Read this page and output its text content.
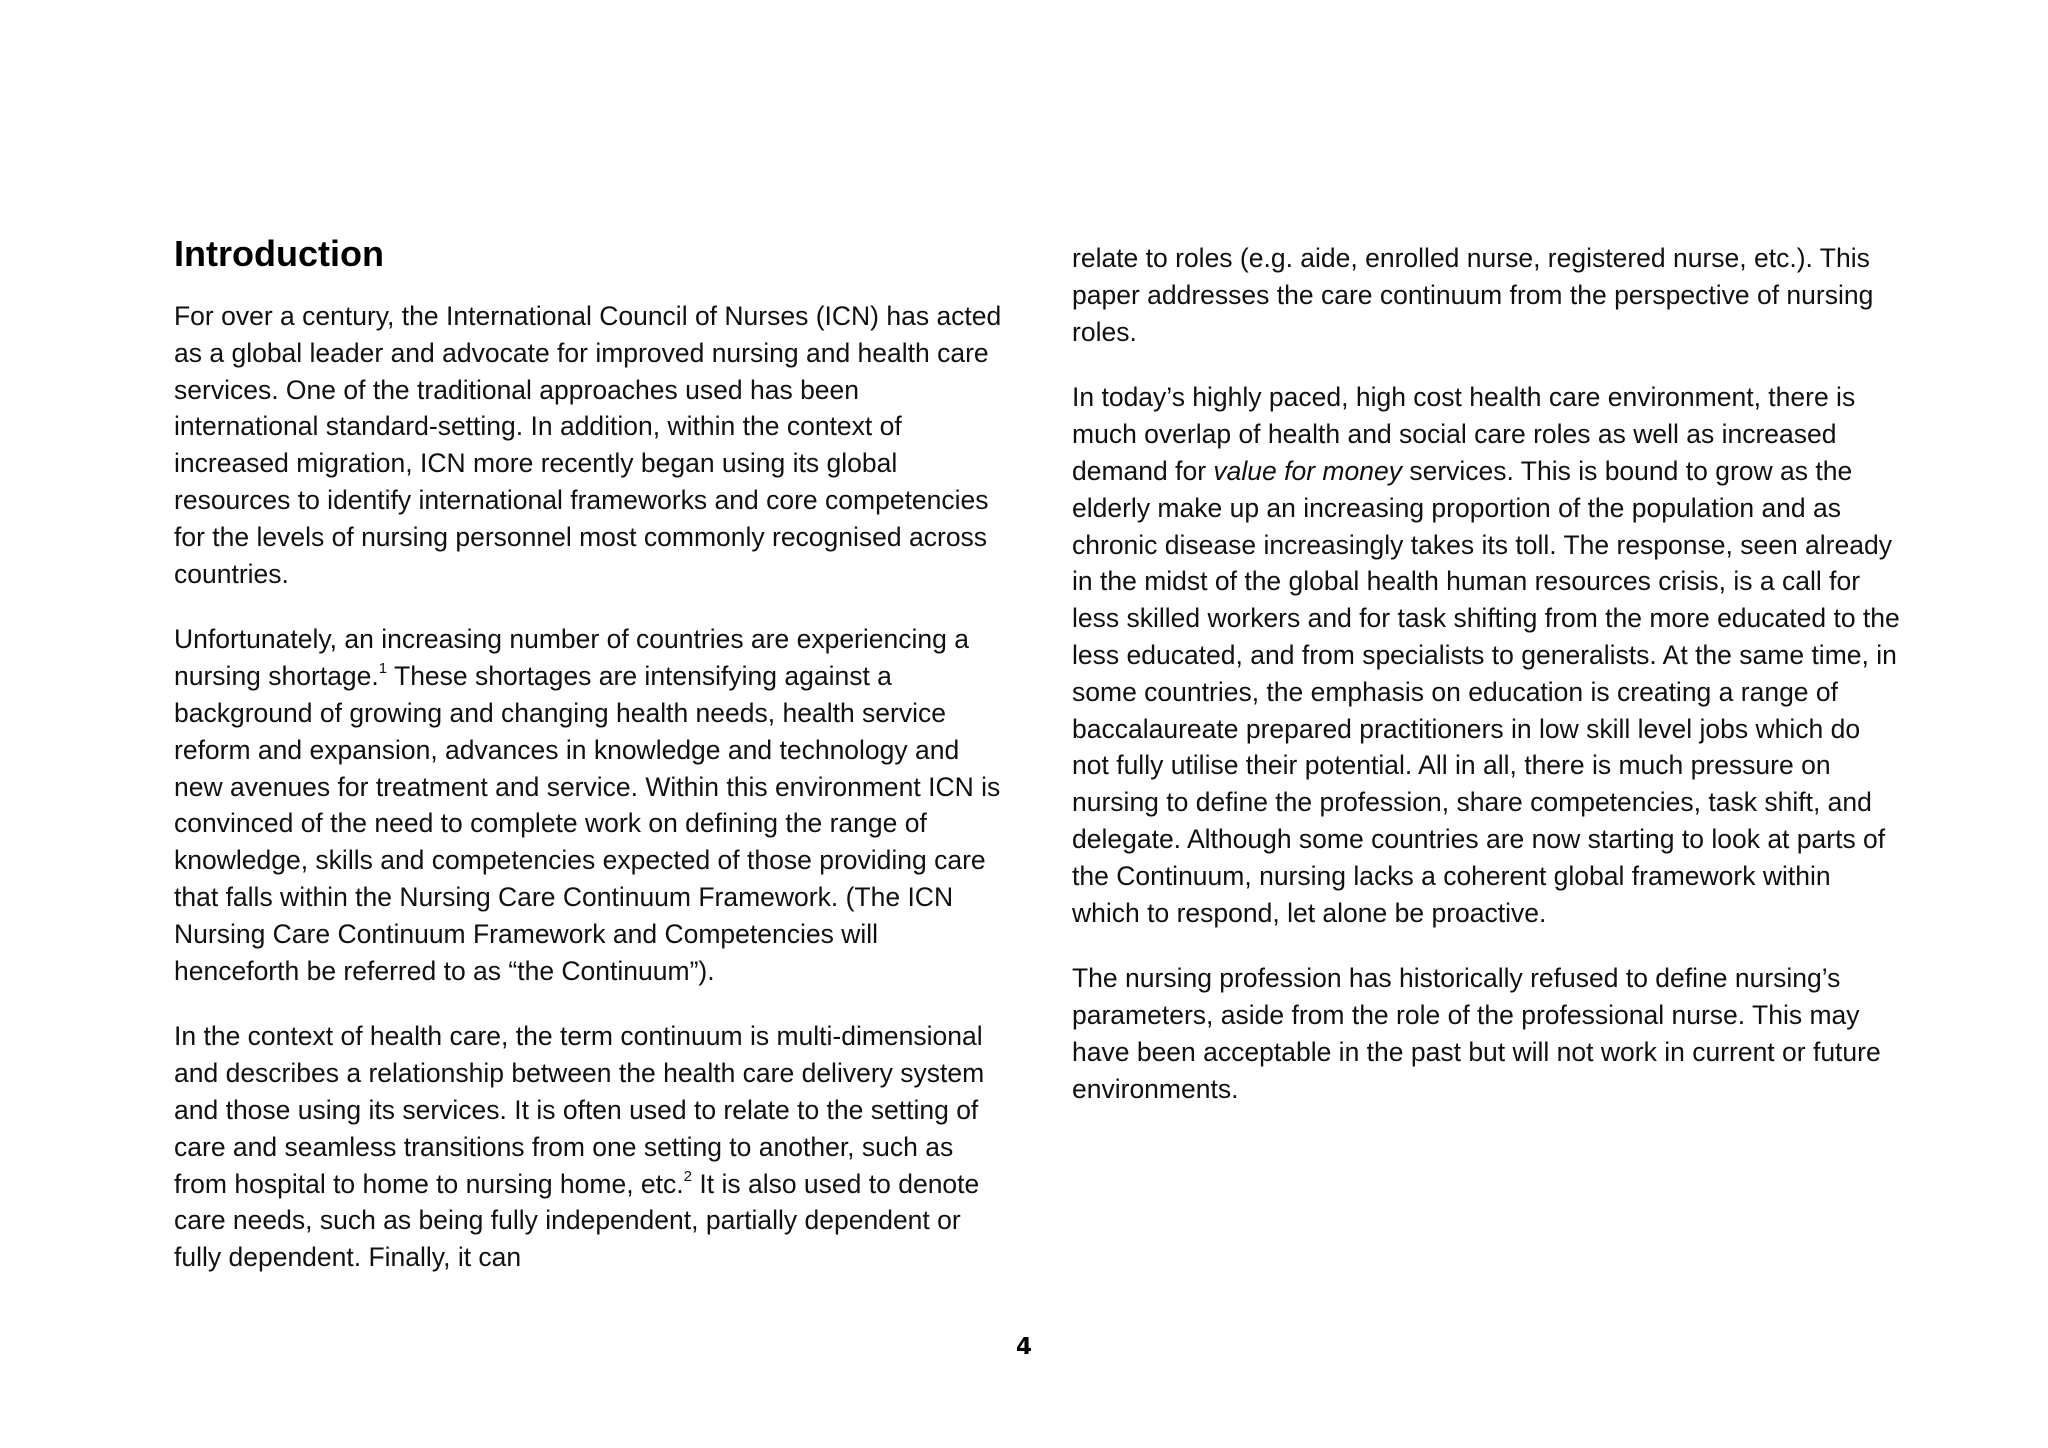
Introduction

For over a century, the International Council of Nurses (ICN) has acted as a global leader and advocate for improved nursing and health care services. One of the traditional approaches used has been international standard-setting. In addition, within the context of increased migration, ICN more recently began using its global resources to identify international frameworks and core competencies for the levels of nursing personnel most commonly recognised across countries.

Unfortunately, an increasing number of countries are experiencing a nursing shortage.$^1$ These shortages are intensifying against a background of growing and changing health needs, health service reform and expansion, advances in knowledge and technology and new avenues for treatment and service. Within this environment ICN is convinced of the need to complete work on defining the range of knowledge, skills and competencies expected of those providing care that falls within the Nursing Care Continuum Framework. (The ICN Nursing Care Continuum Framework and Competencies will henceforth be referred to as “the Continuum”).

In the context of health care, the term continuum is multi-dimensional and describes a relationship between the health care delivery system and those using its services. It is often used to relate to the setting of care and seamless transitions from one setting to another, such as from hospital to home to nursing home, etc.$^2$ It is also used to denote care needs, such as being fully independent, partially dependent or fully dependent. Finally, it can

relate to roles (e.g. aide, enrolled nurse, registered nurse, etc.). This paper addresses the care continuum from the perspective of nursing roles.

In today’s highly paced, high cost health care environment, there is much overlap of health and social care roles as well as increased demand for value for money services. This is bound to grow as the elderly make up an increasing proportion of the population and as chronic disease increasingly takes its toll. The response, seen already in the midst of the global health human resources crisis, is a call for less skilled workers and for task shifting from the more educated to the less educated, and from specialists to generalists. At the same time, in some countries, the emphasis on education is creating a range of baccalaureate prepared practitioners in low skill level jobs which do not fully utilise their potential. All in all, there is much pressure on nursing to define the profession, share competencies, task shift, and delegate. Although some countries are now starting to look at parts of the Continuum, nursing lacks a coherent global framework within which to respond, let alone be proactive.

The nursing profession has historically refused to define nursing’s parameters, aside from the role of the professional nurse. This may have been acceptable in the past but will not work in current or future environments.

4
